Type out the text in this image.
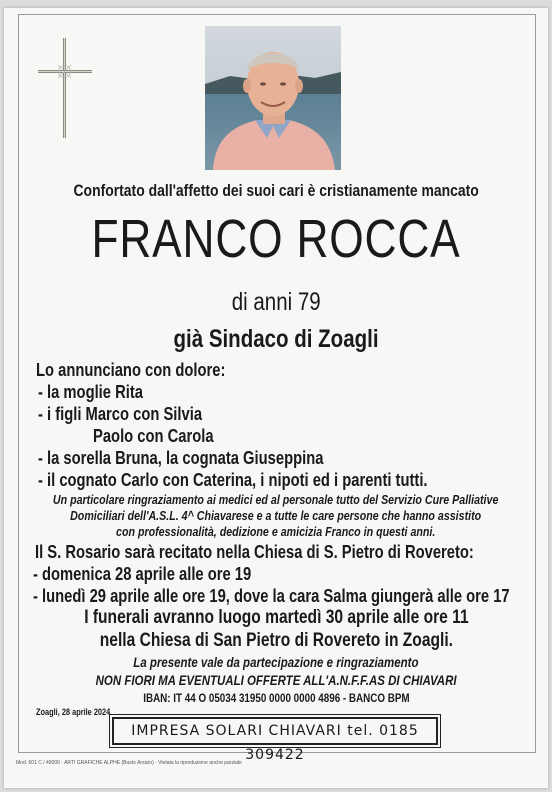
Confortato dall'affetto dei suoi cari è cristianamente mancato
FRANCO ROCCA
di anni 79
già Sindaco di Zoagli
Lo annunciano con dolore:
- la moglie Rita
- i figli Marco con Silvia
Paolo con Carola
- la sorella Bruna, la cognata Giuseppina
- il cognato Carlo con Caterina, i nipoti ed i parenti tutti.
Un particolare ringraziamento ai medici ed al personale tutto del Servizio Cure Palliative
Domiciliari dell'A.S.L. 4^ Chiavarese e a tutte le care persone che hanno assistito
con professionalità, dedizione e amicizia Franco in questi anni.
Il S. Rosario sarà recitato nella Chiesa di S. Pietro di Rovereto:
- domenica 28 aprile alle ore 19
- lunedì 29 aprile alle ore 19, dove la cara Salma giungerà alle ore 17
I funerali avranno luogo martedì 30 aprile alle ore 11
nella Chiesa di San Pietro di Rovereto in Zoagli.
La presente vale da partecipazione e ringraziamento
NON FIORI MA EVENTUALI OFFERTE ALL'A.N.F.F.AS DI CHIAVARI
IBAN: IT 44 O 05034 31950 0000 0000 4896 - BANCO BPM
Zoagli, 28 aprile 2024
IMPRESA SOLARI CHIAVARI tel. 0185 309422
Mod. 601 C / 49000 · ARTI GRAFICHE ALPHE (Busto Arsizio) · Vietata la riproduzione anche parziale
